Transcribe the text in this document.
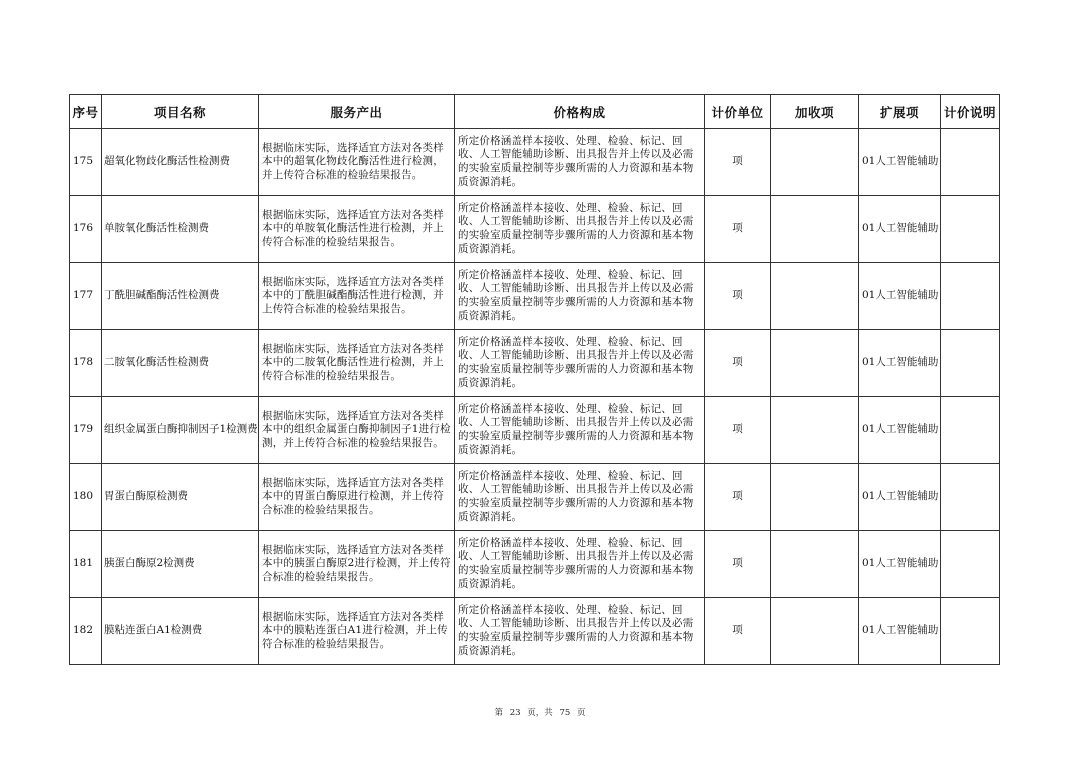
序号	项目名称	服务产出	价格构成	计价单位	加收项	扩展项	计价说明
175	超氧化物歧化酶活性检测费	根据临床实际，选择适宜方法对各类样本中的超氧化物歧化酶活性进行检测，并上传符合标准的检验结果报告。	所定价格涵盖样本接收、处理、检验、标记、回收、人工智能辅助诊断、出具报告并上传以及必需的实验室质量控制等步骤所需的人力资源和基本物质资源消耗。	项		01人工智能辅助	
176	单胺氧化酶活性检测费	根据临床实际，选择适宜方法对各类样本中的单胺氧化酶活性进行检测，并上传符合标准的检验结果报告。	所定价格涵盖样本接收、处理、检验、标记、回收、人工智能辅助诊断、出具报告并上传以及必需的实验室质量控制等步骤所需的人力资源和基本物质资源消耗。	项		01人工智能辅助	
177	丁酰胆碱酯酶活性检测费	根据临床实际，选择适宜方法对各类样本中的丁酰胆碱酯酶活性进行检测，并上传符合标准的检验结果报告。	所定价格涵盖样本接收、处理、检验、标记、回收、人工智能辅助诊断、出具报告并上传以及必需的实验室质量控制等步骤所需的人力资源和基本物质资源消耗。	项		01人工智能辅助	
178	二胺氧化酶活性检测费	根据临床实际，选择适宜方法对各类样本中的二胺氧化酶活性进行检测，并上传符合标准的检验结果报告。	所定价格涵盖样本接收、处理、检验、标记、回收、人工智能辅助诊断、出具报告并上传以及必需的实验室质量控制等步骤所需的人力资源和基本物质资源消耗。	项		01人工智能辅助	
179	组织金属蛋白酶抑制因子1检测费	根据临床实际，选择适宜方法对各类样本中的组织金属蛋白酶抑制因子1进行检测，并上传符合标准的检验结果报告。	所定价格涵盖样本接收、处理、检验、标记、回收、人工智能辅助诊断、出具报告并上传以及必需的实验室质量控制等步骤所需的人力资源和基本物质资源消耗。	项		01人工智能辅助	
180	胃蛋白酶原检测费	根据临床实际，选择适宜方法对各类样本中的胃蛋白酶原进行检测，并上传符合标准的检验结果报告。	所定价格涵盖样本接收、处理、检验、标记、回收、人工智能辅助诊断、出具报告并上传以及必需的实验室质量控制等步骤所需的人力资源和基本物质资源消耗。	项		01人工智能辅助	
181	胰蛋白酶原2检测费	根据临床实际，选择适宜方法对各类样本中的胰蛋白酶原2进行检测，并上传符合标准的检验结果报告。	所定价格涵盖样本接收、处理、检验、标记、回收、人工智能辅助诊断、出具报告并上传以及必需的实验室质量控制等步骤所需的人力资源和基本物质资源消耗。	项		01人工智能辅助	
182	膜粘连蛋白A1检测费	根据临床实际，选择适宜方法对各类样本中的膜粘连蛋白A1进行检测，并上传符合标准的检验结果报告。	所定价格涵盖样本接收、处理、检验、标记、回收、人工智能辅助诊断、出具报告并上传以及必需的实验室质量控制等步骤所需的人力资源和基本物质资源消耗。	项		01人工智能辅助	
第 23 页，共 75 页
